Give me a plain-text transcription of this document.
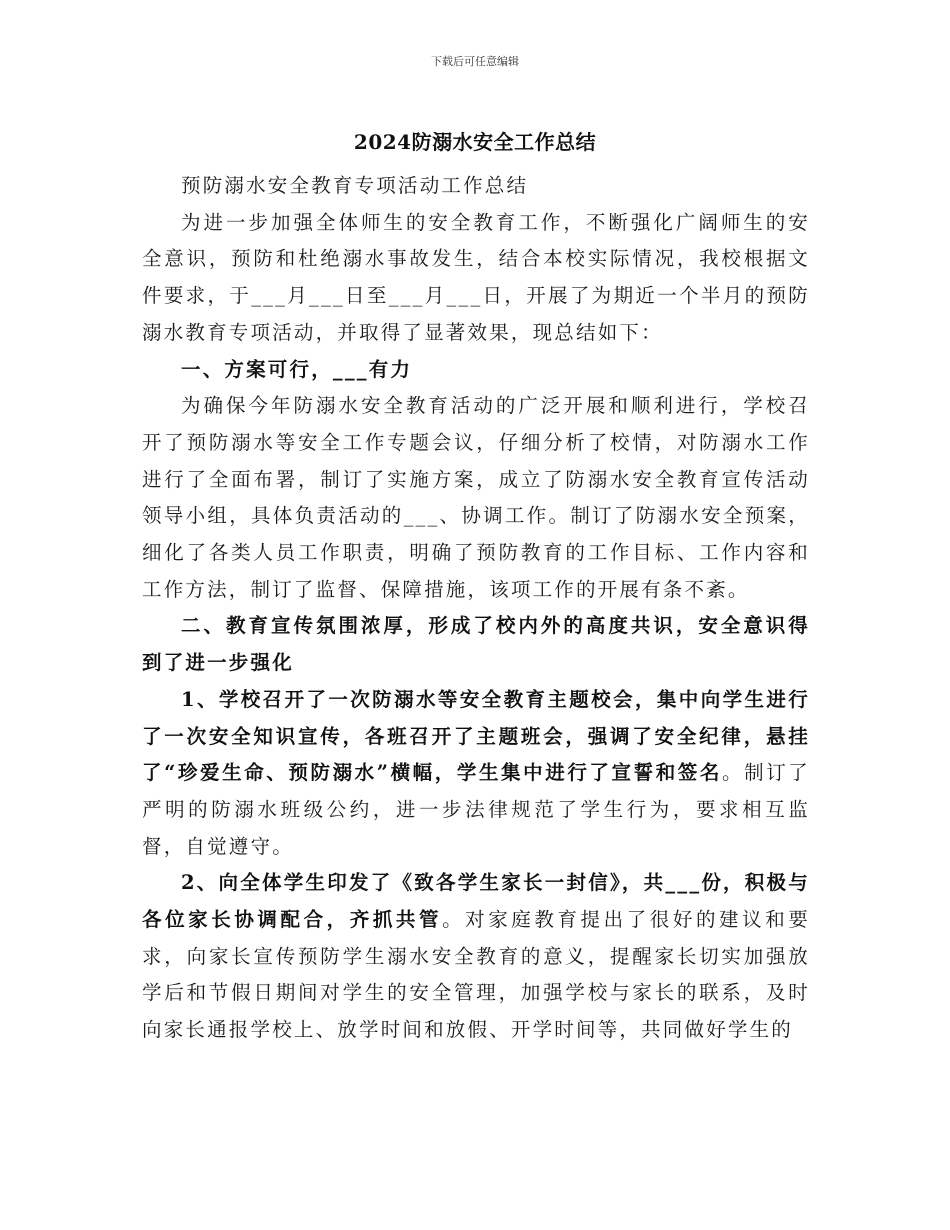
下载后可任意编辑
2024防溺水安全工作总结

预防溺水安全教育专项活动工作总结

为进一步加强全体师生的安全教育工作，不断强化广阔师生的安全意识，预防和杜绝溺水事故发生，结合本校实际情况，我校根据文件要求，于___月___日至___月___日，开展了为期近一个半月的预防溺水教育专项活动，并取得了显著效果，现总结如下：

一、方案可行，___有力

为确保今年防溺水安全教育活动的广泛开展和顺利进行，学校召开了预防溺水等安全工作专题会议，仔细分析了校情，对防溺水工作进行了全面布署，制订了实施方案，成立了防溺水安全教育宣传活动领导小组，具体负责活动的___、协调工作。制订了防溺水安全预案，细化了各类人员工作职责，明确了预防教育的工作目标、工作内容和工作方法，制订了监督、保障措施，该项工作的开展有条不紊。

二、教育宣传氛围浓厚，形成了校内外的高度共识，安全意识得到了进一步强化

1、学校召开了一次防溺水等安全教育主题校会，集中向学生进行了一次安全知识宣传，各班召开了主题班会，强调了安全纪律，悬挂了“珍爱生命、预防溺水”横幅，学生集中进行了宣誓和签名。制订了严明的防溺水班级公约，进一步法律规范了学生行为，要求相互监督，自觉遵守。

2、向全体学生印发了《致各学生家长一封信》，共___份，积极与各位家长协调配合，齐抓共管。对家庭教育提出了很好的建议和要求，向家长宣传预防学生溺水安全教育的意义，提醒家长切实加强放学后和节假日期间对学生的安全管理，加强学校与家长的联系，及时向家长通报学校上、放学时间和放假、开学时间等，共同做好学生的
